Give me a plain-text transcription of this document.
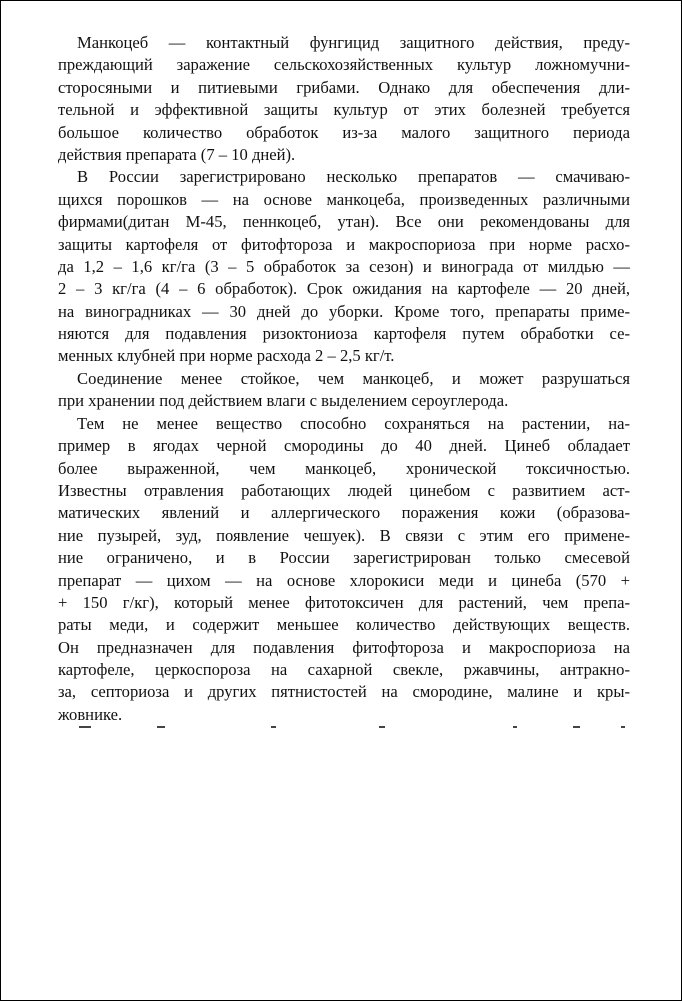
Манкоцеб — контактный фунгицид защитного действия, преду-
преждающий заражение сельскохозяйственных культур ложномучни-
сторосяными и питиевыми грибами. Однако для обеспечения дли-
тельной и эффективной защиты культур от этих болезней требуется
большое количество обработок из-за малого защитного периода
действия препарата (7 – 10 дней).
В России зарегистрировано несколько препаратов — смачиваю-
щихся порошков — на основе манкоцеба, произведенных различными
фирмами(дитан М-45, пеннкоцеб, утан). Все они рекомендованы для
защиты картофеля от фитофтороза и макроспориоза при норме расхо-
да 1,2 – 1,6 кг/га (3 – 5 обработок за сезон) и винограда от милдью —
2 – 3 кг/га (4 – 6 обработок). Срок ожидания на картофеле — 20 дней,
на виноградниках — 30 дней до уборки. Кроме того, препараты приме-
няются для подавления ризоктониоза картофеля путем обработки се-
менных клубней при норме расхода 2 – 2,5 кг/т.
Соединение менее стойкое, чем манкоцеб, и может разрушаться
при хранении под действием влаги с выделением сероуглерода.
Тем не менее вещество способно сохраняться на растении, на-
пример в ягодах черной смородины до 40 дней. Цинеб обладает
более выраженной, чем манкоцеб, хронической токсичностью.
Известны отравления работающих людей цинебом с развитием аст-
матических явлений и аллергического поражения кожи (образова-
ние пузырей, зуд, появление чешуек). В связи с этим его примене-
ние ограничено, и в России зарегистрирован только смесевой
препарат — цихом — на основе хлорокиси меди и цинеба (570 +
+ 150 г/кг), который менее фитотоксичен для растений, чем препа-
раты меди, и содержит меньшее количество действующих веществ.
Он предназначен для подавления фитофтороза и макроспориоза на
картофеле, церкоспороза на сахарной свекле, ржавчины, антракно-
за, септориоза и других пятнистостей на смородине, малине и кры-
жовнике.
